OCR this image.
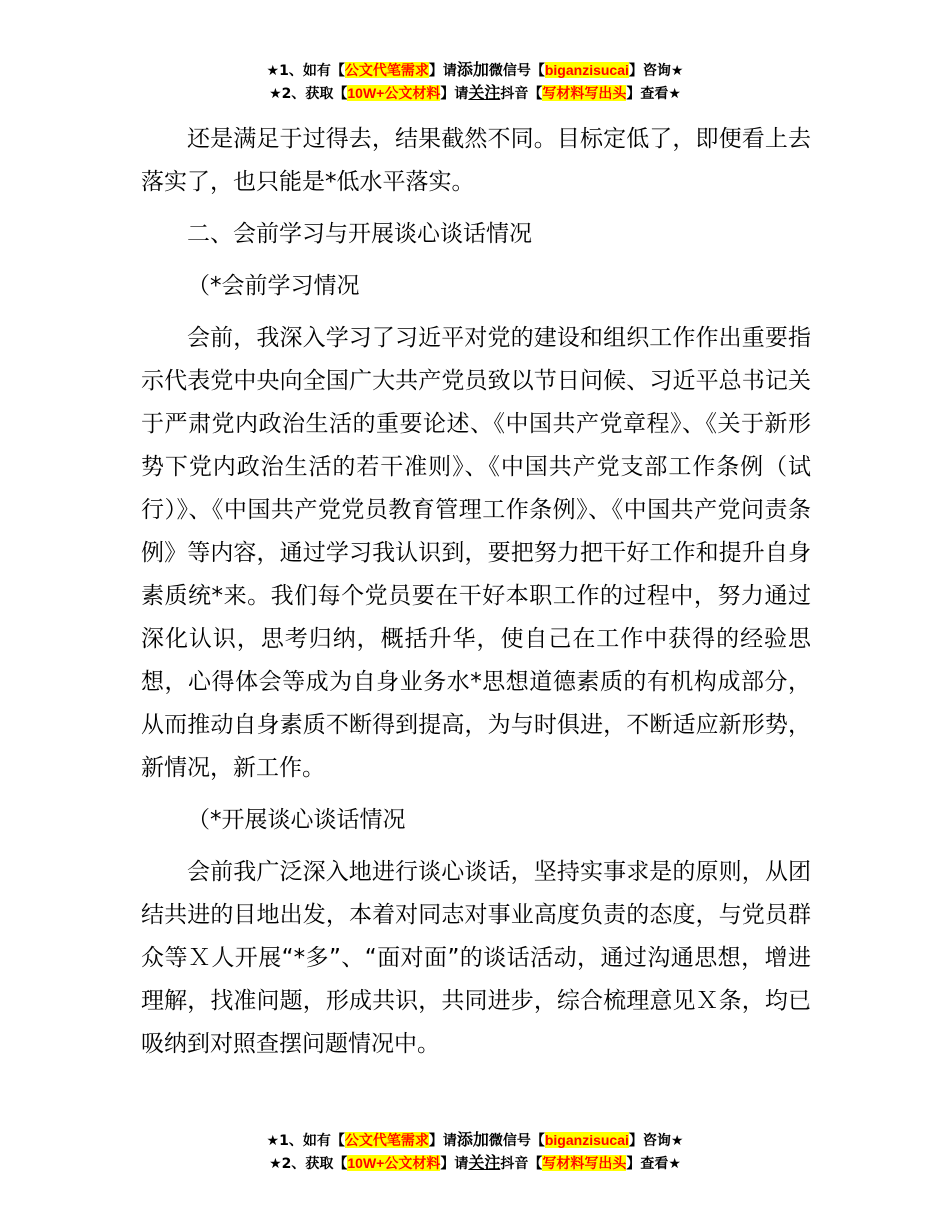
★1、如有【公文代笔需求】请添加微信号【biganzisucai】咨询★
★2、获取【10W+公文材料】请关注抖音【写材料写出头】查看★

还是满足于过得去，结果截然不同。目标定低了，即便看上去落实了，也只能是*低水平落实。

二、会前学习与开展谈心谈话情况

（*会前学习情况

会前，我深入学习了习近平对党的建设和组织工作作出重要指示代表党中央向全国广大共产党员致以节日问候、习近平总书记关于严肃党内政治生活的重要论述、《中国共产党章程》、《关于新形势下党内政治生活的若干准则》、《中国共产党支部工作条例（试行）》、《中国共产党党员教育管理工作条例》、《中国共产党问责条例》等内容，通过学习我认识到，要把努力把干好工作和提升自身素质统*来。我们每个党员要在干好本职工作的过程中，努力通过深化认识，思考归纳，概括升华，使自己在工作中获得的经验思想，心得体会等成为自身业务水*思想道德素质的有机构成部分，从而推动自身素质不断得到提高，为与时俱进，不断适应新形势，新情况，新工作。

（*开展谈心谈话情况

会前我广泛深入地进行谈心谈话，坚持实事求是的原则，从团结共进的目地出发，本着对同志对事业高度负责的态度，与党员群众等Ｘ人开展“*多”、“面对面”的谈话活动，通过沟通思想，增进理解，找准问题，形成共识，共同进步，综合梳理意见Ｘ条，均已吸纳到对照查摆问题情况中。

★1、如有【公文代笔需求】请添加微信号【biganzisucai】咨询★
★2、获取【10W+公文材料】请关注抖音【写材料写出头】查看★
